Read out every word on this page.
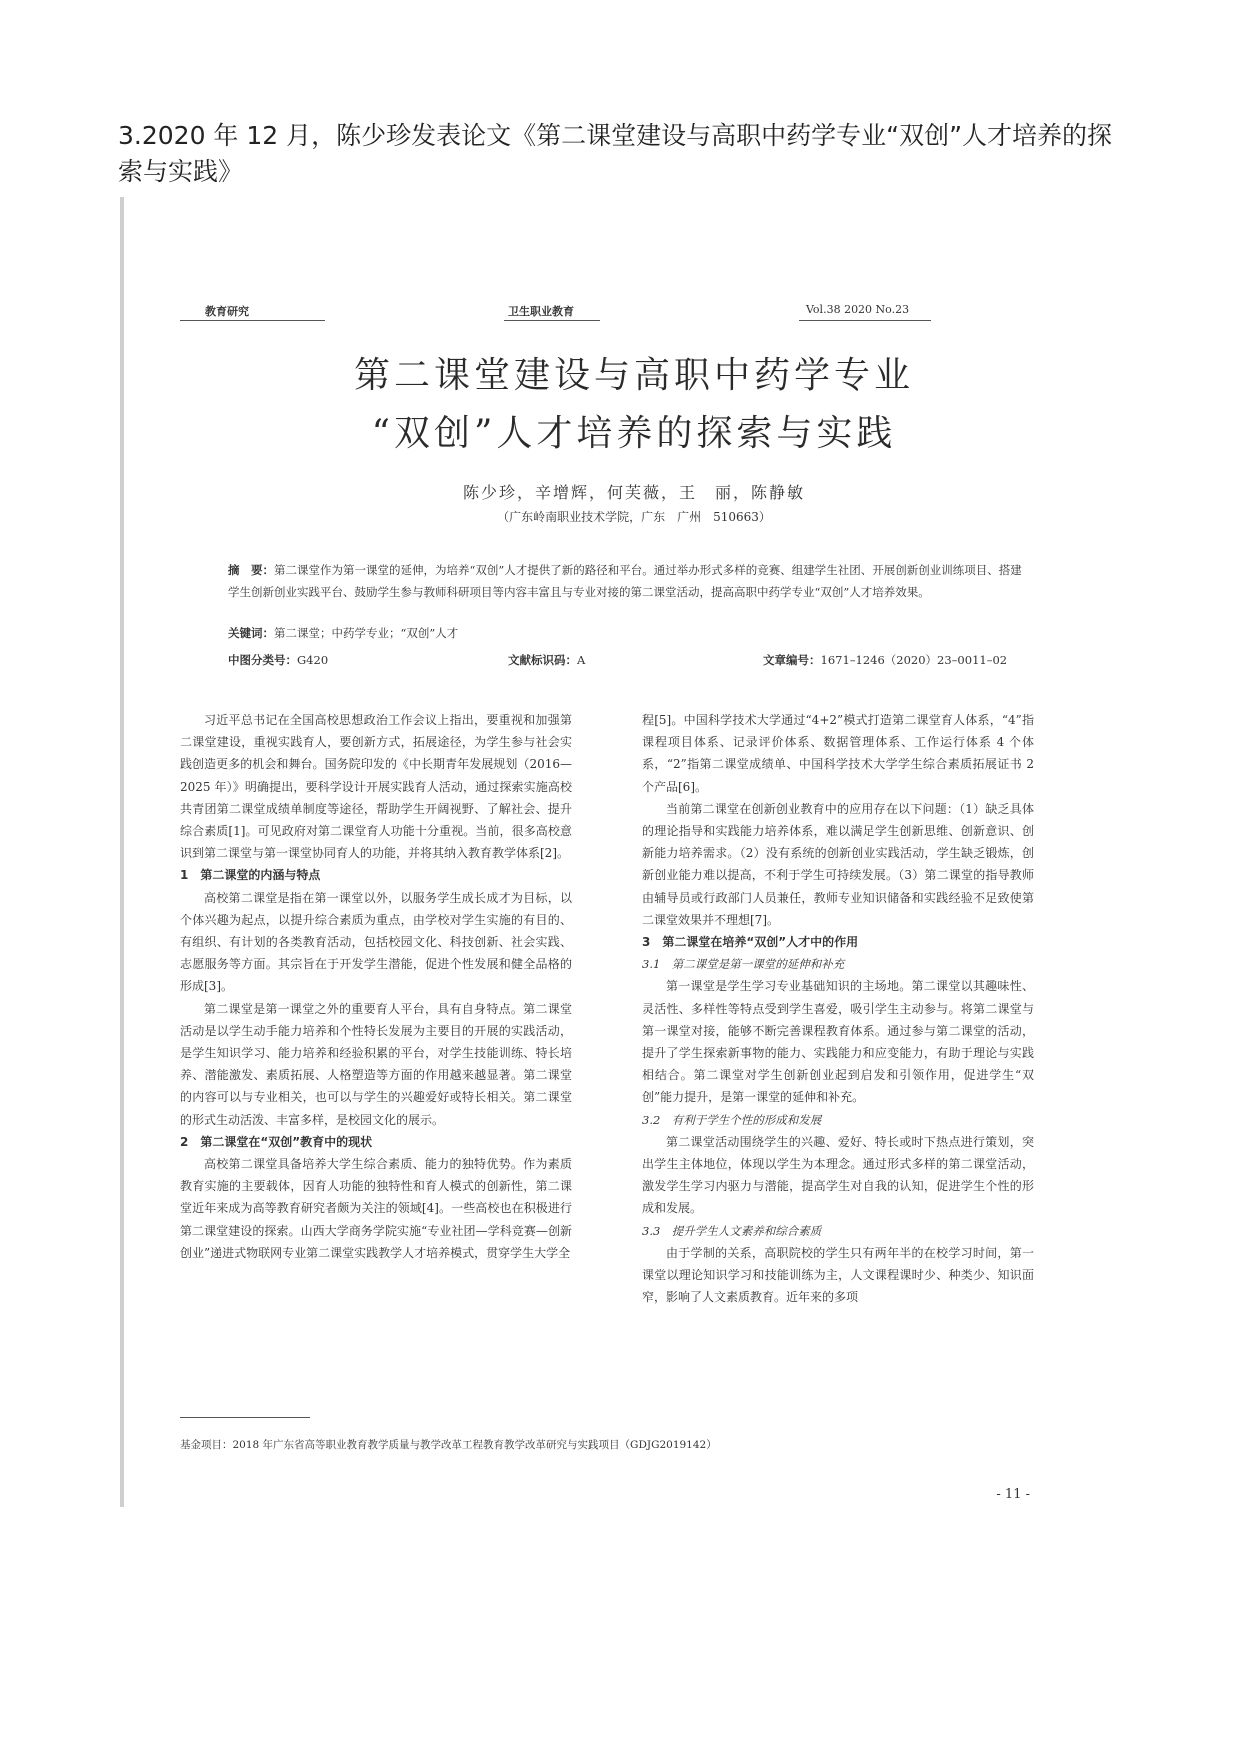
3.2020 年 12 月，陈少珍发表论文《第二课堂建设与高职中药学专业“双创”人才培养的探索与实践》
教育研究	卫生职业教育	Vol.38 2020 No.23
第二课堂建设与高职中药学专业
“双创”人才培养的探索与实践
陈少珍，辛增辉，何芙薇，王　丽，陈静敏
（广东岭南职业技术学院，广东　广州　510663）
摘　要：第二课堂作为第一课堂的延伸，为培养“双创”人才提供了新的路径和平台。通过举办形式多样的竞赛、组建学生社团、开展创新创业训练项目、搭建学生创新创业实践平台、鼓励学生参与教师科研项目等内容丰富且与专业对接的第二课堂活动，提高高职中药学专业“双创”人才培养效果。
关键词：第二课堂；中药学专业；“双创”人才
中图分类号：G420	文献标识码：A	文章编号：1671–1246（2020）23–0011–02

习近平总书记在全国高校思想政治工作会议上指出，要重视和加强第二课堂建设，重视实践育人，要创新方式，拓展途径，为学生参与社会实践创造更多的机会和舞台。国务院印发的《中长期青年发展规划（2016—2025 年）》明确提出，要科学设计开展实践育人活动，通过探索实施高校共青团第二课堂成绩单制度等途径，帮助学生开阔视野、了解社会、提升综合素质[1]。可见政府对第二课堂育人功能十分重视。当前，很多高校意识到第二课堂与第一课堂协同育人的功能，并将其纳入教育教学体系[2]。

1　第二课堂的内涵与特点

高校第二课堂是指在第一课堂以外，以服务学生成长成才为目标，以个体兴趣为起点，以提升综合素质为重点，由学校对学生实施的有目的、有组织、有计划的各类教育活动，包括校园文化、科技创新、社会实践、志愿服务等方面。其宗旨在于开发学生潜能，促进个性发展和健全品格的形成[3]。

第二课堂是第一课堂之外的重要育人平台，具有自身特点。第二课堂活动是以学生动手能力培养和个性特长发展为主要目的开展的实践活动，是学生知识学习、能力培养和经验积累的平台，对学生技能训练、特长培养、潜能激发、素质拓展、人格塑造等方面的作用越来越显著。第二课堂的内容可以与专业相关，也可以与学生的兴趣爱好或特长相关。第二课堂的形式生动活泼、丰富多样，是校园文化的展示。

2　第二课堂在“双创”教育中的现状

高校第二课堂具备培养大学生综合素质、能力的独特优势。作为素质教育实施的主要载体，因育人功能的独特性和育人模式的创新性，第二课堂近年来成为高等教育研究者颇为关注的领域[4]。一些高校也在积极进行第二课堂建设的探索。山西大学商务学院实施“专业社团—学科竞赛—创新创业”递进式物联网专业第二课堂实践教学人才培养模式，贯穿学生大学全

程[5]。中国科学技术大学通过“4+2”模式打造第二课堂育人体系，“4”指课程项目体系、记录评价体系、数据管理体系、工作运行体系 4 个体系，“2”指第二课堂成绩单、中国科学技术大学学生综合素质拓展证书 2 个产品[6]。

当前第二课堂在创新创业教育中的应用存在以下问题：（1）缺乏具体的理论指导和实践能力培养体系，难以满足学生创新思维、创新意识、创新能力培养需求。（2）没有系统的创新创业实践活动，学生缺乏锻炼，创新创业能力难以提高，不利于学生可持续发展。（3）第二课堂的指导教师由辅导员或行政部门人员兼任，教师专业知识储备和实践经验不足致使第二课堂效果并不理想[7]。

3　第二课堂在培养“双创”人才中的作用
3.1　第二课堂是第一课堂的延伸和补充

第一课堂是学生学习专业基础知识的主场地。第二课堂以其趣味性、灵活性、多样性等特点受到学生喜爱，吸引学生主动参与。将第二课堂与第一课堂对接，能够不断完善课程教育体系。通过参与第二课堂的活动，提升了学生探索新事物的能力、实践能力和应变能力，有助于理论与实践相结合。第二课堂对学生创新创业起到启发和引领作用，促进学生“双创”能力提升，是第一课堂的延伸和补充。

3.2　有利于学生个性的形成和发展

第二课堂活动围绕学生的兴趣、爱好、特长或时下热点进行策划，突出学生主体地位，体现以学生为本理念。通过形式多样的第二课堂活动，激发学生学习内驱力与潜能，提高学生对自我的认知，促进学生个性的形成和发展。

3.3　提升学生人文素养和综合素质

由于学制的关系，高职院校的学生只有两年半的在校学习时间，第一课堂以理论知识学习和技能训练为主，人文课程课时少、种类少、知识面窄，影响了人文素质教育。近年来的多项

基金项目：2018 年广东省高等职业教育教学质量与教学改革工程教育教学改革研究与实践项目（GDJG2019142）
- 11 -
